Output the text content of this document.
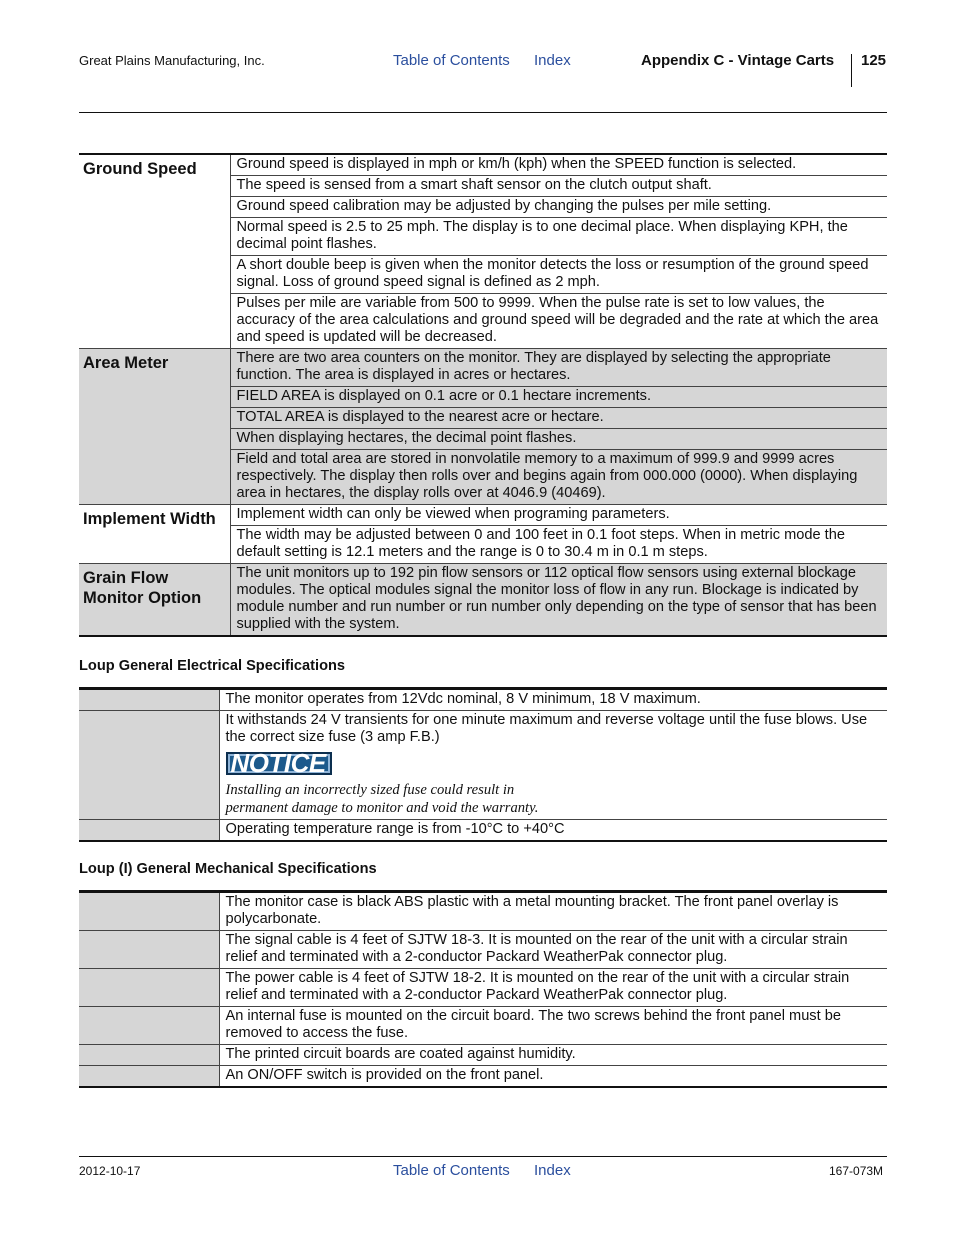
Great Plains Manufacturing, Inc.	Table of Contents Index	Appendix C - Vintage Carts 125
Ground Speed	Ground speed is displayed in mph or km/h (kph) when the SPEED function is selected.
	The speed is sensed from a smart shaft sensor on the clutch output shaft.
	Ground speed calibration may be adjusted by changing the pulses per mile setting.
	Normal speed is 2.5 to 25 mph. The display is to one decimal place. When displaying KPH, the decimal point flashes.
	A short double beep is given when the monitor detects the loss or resumption of the ground speed signal. Loss of ground speed signal is defined as 2 mph.
	Pulses per mile are variable from 500 to 9999. When the pulse rate is set to low values, the accuracy of the area calculations and ground speed will be degraded and the rate at which the area and speed is updated will be decreased.
Area Meter	There are two area counters on the monitor. They are displayed by selecting the appropriate function. The area is displayed in acres or hectares.
	FIELD AREA is displayed on 0.1 acre or 0.1 hectare increments.
	TOTAL AREA is displayed to the nearest acre or hectare.
	When displaying hectares, the decimal point flashes.
	Field and total area are stored in nonvolatile memory to a maximum of 999.9 and 9999 acres respectively. The display then rolls over and begins again from 000.000 (0000). When displaying area in hectares, the display rolls over at 4046.9 (40469).
Implement Width	Implement width can only be viewed when programing parameters.
	The width may be adjusted between 0 and 100 feet in 0.1 foot steps. When in metric mode the default setting is 12.1 meters and the range is 0 to 30.4 m in 0.1 m steps.
Grain Flow Monitor Option	The unit monitors up to 192 pin flow sensors or 112 optical flow sensors using external blockage modules. The optical modules signal the monitor loss of flow in any run. Blockage is indicated by module number and run number or run number only depending on the type of sensor that has been supplied with the system.
Loup General Electrical Specifications
	The monitor operates from 12Vdc nominal, 8 V minimum, 18 V maximum.

	It withstands 24 V transients for one minute maximum and reverse voltage until the fuse blows. Use the correct size fuse (3 amp F.B.)
NOTICE
Installing an incorrectly sized fuse could result in
permanent damage to monitor and void the warranty.

	Operating temperature range is from -10°C to +40°C
Loup (I) General Mechanical Specifications
	The monitor case is black ABS plastic with a metal mounting bracket. The front panel overlay is polycarbonate.
	The signal cable is 4 feet of SJTW 18-3. It is mounted on the rear of the unit with a circular strain relief and terminated with a 2-conductor Packard WeatherPak connector plug.
	The power cable is 4 feet of SJTW 18-2. It is mounted on the rear of the unit with a circular strain relief and terminated with a 2-conductor Packard WeatherPak connector plug.
	An internal fuse is mounted on the circuit board. The two screws behind the front panel must be removed to access the fuse.
	The printed circuit boards are coated against humidity.
	An ON/OFF switch is provided on the front panel.
2012-10-17	Table of Contents Index	167-073M
